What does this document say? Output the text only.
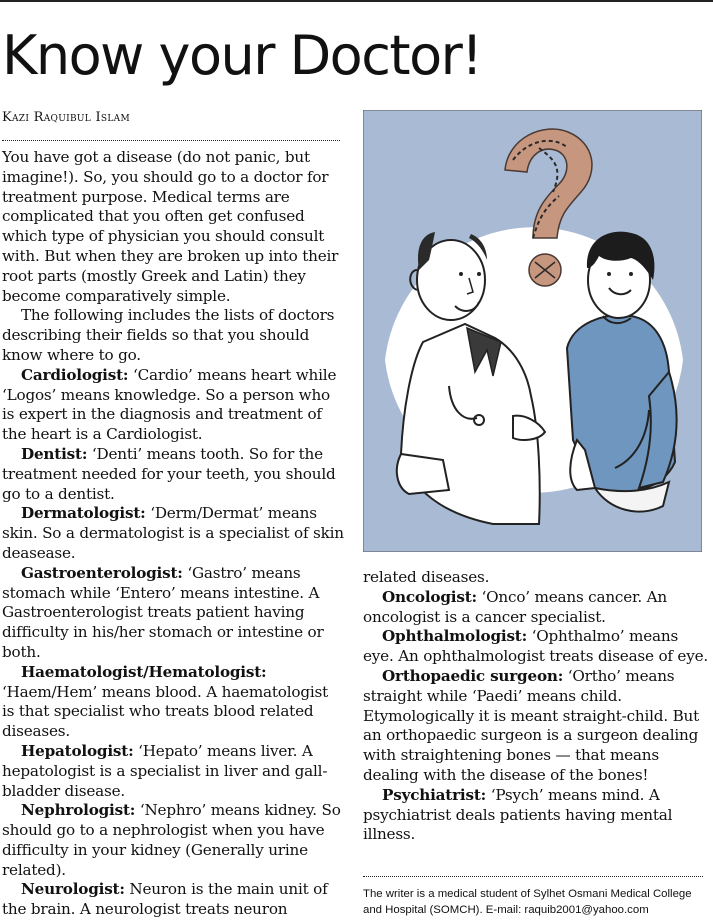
Know your Doctor!
Kazi Raquibul Islam

You have got a disease (do not panic, but imagine!). So, you should go to a doctor for treatment purpose. Medical terms are complicated that you often get confused which type of physician you should consult with. But when they are broken up into their root parts (mostly Greek and Latin) they become comparatively simple.

The following includes the lists of doctors describing their fields so that you should know where to go.

Cardiologist: ‘Cardio’ means heart while ‘Logos’ means knowledge. So a person who is expert in the diagnosis and treatment of the heart is a Cardiologist.

Dentist: ‘Denti’ means tooth. So for the treatment needed for your teeth, you should go to a dentist.

Dermatologist: ‘Derm/Dermat’ means skin. So a dermatologist is a specialist of skin deasease.

Gastroenterologist: ‘Gastro’ means stomach while ‘Entero’ means intestine. A Gastroenterologist treats patient having difficulty in his/her stomach or intestine or both.

Haematologist/Hematologist:

‘Haem/Hem’ means blood. A haematologist is that specialist who treats blood related diseases.

Hepatologist: ‘Hepato’ means liver. A hepatologist is a specialist in liver and gall-bladder disease.

Nephrologist: ‘Nephro’ means kidney. So should go to a nephrologist when you have difficulty in your kidney (Generally urine related).

Neurologist: Neuron is the main unit of the brain. A neurologist treats neuron

related diseases.

Oncologist: ‘Onco’ means cancer. An oncologist is a cancer specialist.

Ophthalmologist: ‘Ophthalmo’ means eye. An ophthalmologist treats disease of eye.

Orthopaedic surgeon: ‘Ortho’ means straight while ‘Paedi’ means child. Etymologically it is meant straight-child. But an orthopaedic surgeon is a surgeon dealing with straightening bones — that means dealing with the disease of the bones!

Psychiatrist: ‘Psych’ means mind. A psychiatrist deals patients having mental illness.

The writer is a medical student of Sylhet Osmani Medical College and Hospital (SOMCH). E-mail: raquib2001@yahoo.com
